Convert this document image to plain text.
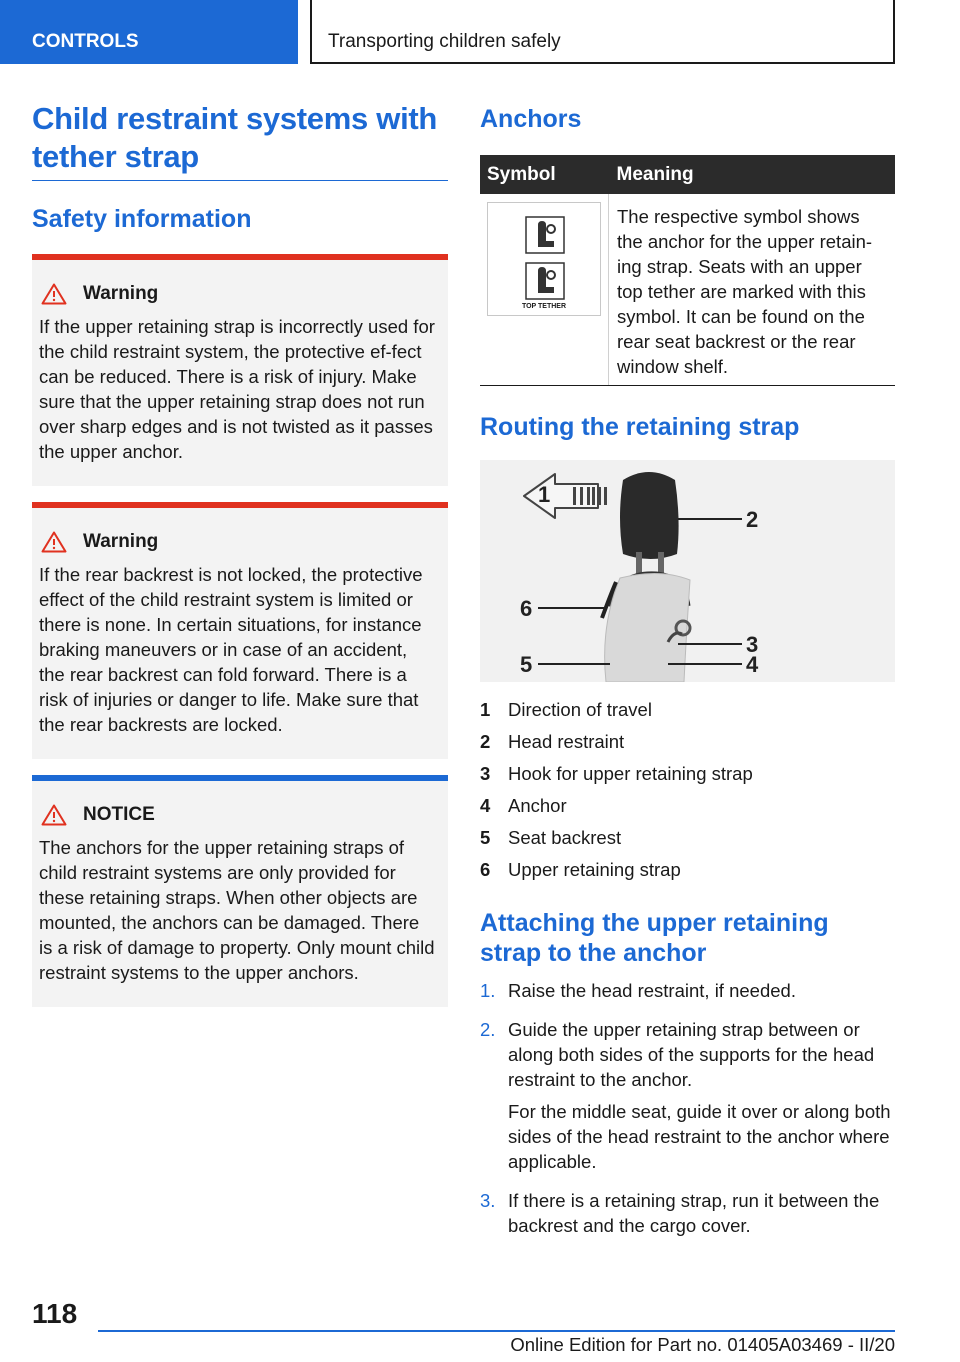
CONTROLS	Transporting children safely
Child restraint systems with tether strap
Safety information
Warning
If the upper retaining strap is incorrectly used for the child restraint system, the protective ef-fect can be reduced. There is a risk of injury. Make sure that the upper retaining strap does not run over sharp edges and is not twisted as it passes the upper anchor.
Warning
If the rear backrest is not locked, the protective effect of the child restraint system is limited or there is none. In certain situations, for instance braking maneuvers or in case of an accident, the rear backrest can fold forward. There is a risk of injuries or danger to life. Make sure that the rear backrests are locked.
NOTICE
The anchors for the upper retaining straps of child restraint systems are only provided for these retaining straps. When other objects are mounted, the anchors can be damaged. There is a risk of damage to property. Only mount child restraint systems to the upper anchors.
Anchors
Symbol	Meaning

TOP TETHER	The respective symbol shows the anchor for the upper retain-ing strap. Seats with an upper top tether are marked with this symbol. It can be found on the rear seat backrest or the rear window shelf.
Routing the retaining strap
1
2
3
4
5
6
1 Direction of travel
2 Head restraint
3 Hook for upper retaining strap
4 Anchor
5 Seat backrest
6 Upper retaining strap
Attaching the upper retaining strap to the anchor
1. Raise the head restraint, if needed.

2. Guide the upper retaining strap between or along both sides of the supports for the head restraint to the anchor.

For the middle seat, guide it over or along both sides of the head restraint to the anchor where applicable.

3. If there is a retaining strap, run it between the backrest and the cargo cover.

118
Online Edition for Part no. 01405A03469 - II/20
